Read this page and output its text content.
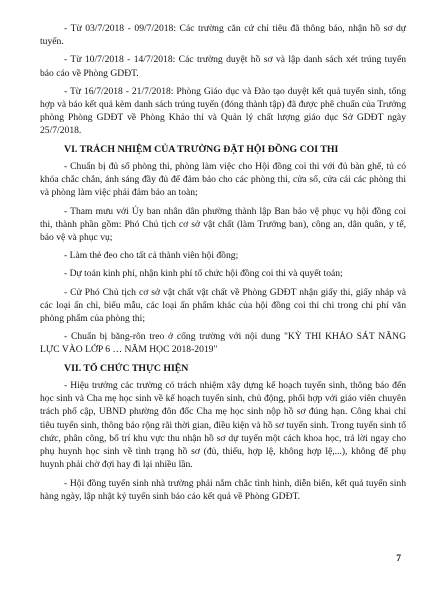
- Từ 03/7/2018 - 09/7/2018: Các trường căn cứ chỉ tiêu đã thông báo, nhận hồ sơ dự tuyển.

- Từ 10/7/2018 - 14/7/2018: Các trường duyệt hồ sơ và lập danh sách xét trúng tuyển báo cáo về Phòng GDĐT.

- Từ 16/7/2018 - 21/7/2018: Phòng Giáo dục và Đào tạo duyệt kết quả tuyển sinh, tổng hợp và báo kết quả kèm danh sách trúng tuyển (đóng thành tập) đã được phê chuẩn của Trưởng phòng Phòng GDĐT về Phòng Khảo thí và Quản lý chất lượng giáo dục Sở GDĐT ngày 25/7/2018.

VI. TRÁCH NHIỆM CỦA TRƯỜNG ĐẶT HỘI ĐỒNG COI THI

- Chuẩn bị đủ số phòng thi, phòng làm việc cho Hội đồng coi thi với đủ bàn ghế, tủ có khóa chắc chắn, ánh sáng đầy đủ để đảm bảo cho các phòng thi, cửa sổ, cửa cái các phòng thi và phòng làm việc phải đảm bảo an toàn;

- Tham mưu với Ủy ban nhân dân phường thành lập Ban bảo vệ phục vụ hội đồng coi thi, thành phần gồm: Phó Chủ tịch cơ sở vật chất (làm Trưởng ban), công an, dân quân, y tế, bảo vệ và phục vụ;

- Làm thẻ đeo cho tất cả thành viên hội đồng;

- Dự toán kinh phí, nhận kinh phí tổ chức hội đồng coi thi và quyết toán;

- Cử Phó Chủ tịch cơ sở vật chất vật chất về Phòng GDĐT nhận giấy thi, giấy nháp và các loại ấn chỉ, biểu mẫu, các loại ấn phẩm khác của hội đồng coi thi chi trong chi phí văn phòng phẩm của phòng thi;

- Chuẩn bị băng-rôn treo ở cổng trường với nội dung "KỲ THI KHẢO SÁT NĂNG LỰC VÀO LỚP 6 … NĂM HỌC 2018-2019"

VII. TỔ CHỨC THỰC HIỆN

- Hiệu trưởng các trường có trách nhiệm xây dựng kế hoạch tuyển sinh, thông báo đến học sinh và Cha mẹ học sinh về kế hoạch tuyển sinh, chủ động, phối hợp với giáo viên chuyên trách phổ cập, UBND phường đôn đốc Cha mẹ học sinh nộp hồ sơ đúng hạn. Công khai chỉ tiêu tuyển sinh, thông báo rộng rãi thời gian, điều kiện và hồ sơ tuyển sinh. Trong tuyển sinh tổ chức, phân công, bố trí khu vực thu nhận hồ sơ dự tuyển một cách khoa học, trả lời ngay cho phụ huynh học sinh về tình trạng hồ sơ (đủ, thiếu, hợp lệ, không hợp lệ,...), không để phụ huynh phải chờ đợi hay đi lại nhiều lần.

- Hội đồng tuyển sinh nhà trường phải nắm chắc tình hình, diễn biến, kết quả tuyển sinh hàng ngày, lập nhật ký tuyển sinh báo cáo kết quả về Phòng GDĐT.

7
